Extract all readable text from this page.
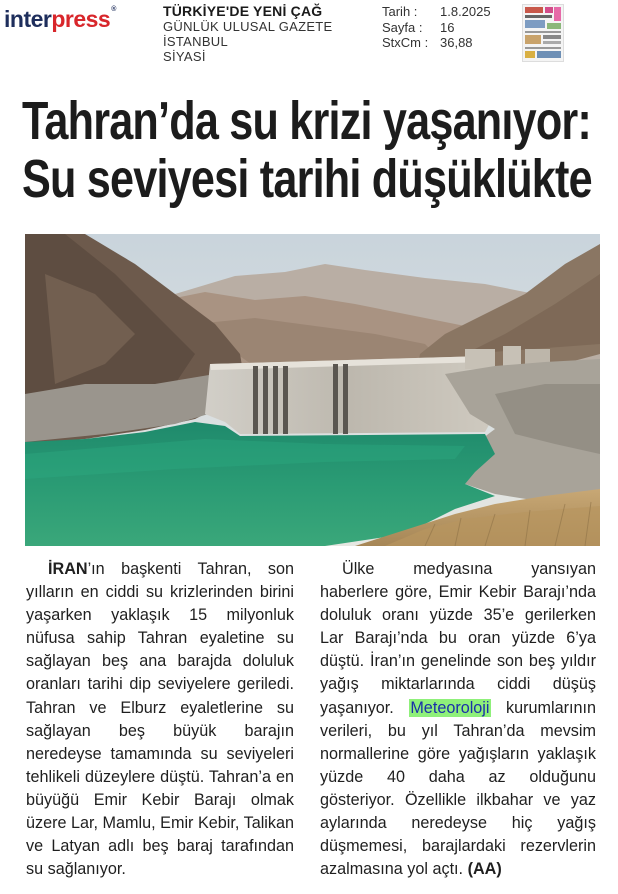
interpress®	TÜRKİYE'DE YENİ ÇAĞ
GÜNLÜK ULUSAL GAZETE
İSTANBUL
SİYASİ
Tarih :	1.8.2025
Sayfa :	16
StxCm : 36,88
Tahran’da su krizi yaşanıyor:
Su seviyesi tarihi düşüklükte

İRAN’ın başkenti Tahran, son yılların en ciddi su krizlerinden birini yaşarken yaklaşık 15 milyonluk nüfusa sahip Tahran eyaletine su sağlayan beş ana barajda doluluk oranları tarihi dip seviyelere geriledi. Tahran ve Elburz eyaletlerine su sağlayan beş büyük barajın neredeyse tamamında su seviyeleri tehlikeli düzeylere düştü. Tahran’a en büyüğü Emir Kebir Barajı olmak üzere Lar, Mamlu, Emir Kebir, Talikan ve Latyan adlı beş baraj tarafından su sağlanıyor.

Ülke medyasına yansıyan haberlere göre, Emir Kebir Barajı’nda doluluk oranı yüzde 35’e gerilerken Lar Barajı’nda bu oran yüzde 6’ya düştü. İran’ın genelinde son beş yıldır yağış miktarlarında ciddi düşüş yaşanıyor. Meteoroloji kurumlarının verileri, bu yıl Tahran’da mevsim normallerine göre yağışların yaklaşık yüzde 40 daha az olduğunu gösteriyor. Özellikle ilkbahar ve yaz aylarında neredeyse hiç yağış düşmemesi, barajlardaki rezervlerin azalmasına yol açtı. (AA)
